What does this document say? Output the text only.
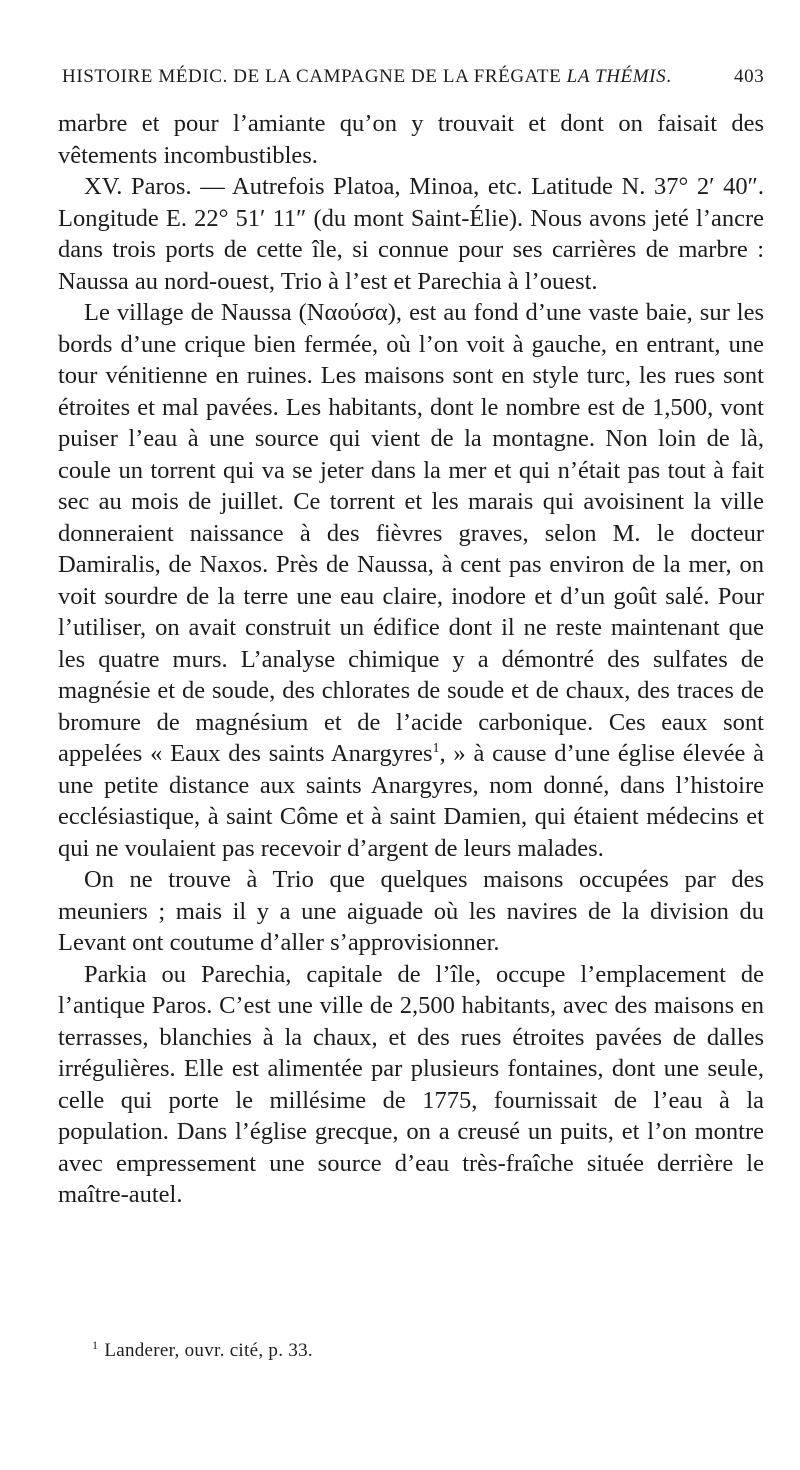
HISTOIRE MÉDIC. DE LA CAMPAGNE DE LA FRÉGATE LA THÉMIS.	403

marbre et pour l’amiante qu’on y trouvait et dont on faisait des vêtements incombustibles.

XV. Paros. — Autrefois Platoa, Minoa, etc. Latitude N. 37° 2′ 40″. Longitude E. 22° 51′ 11″ (du mont Saint-Élie). Nous avons jeté l’ancre dans trois ports de cette île, si connue pour ses carrières de marbre : Naussa au nord-ouest, Trio à l’est et Parechia à l’ouest.

Le village de Naussa (Ναούσα), est au fond d’une vaste baie, sur les bords d’une crique bien fermée, où l’on voit à gauche, en entrant, une tour vénitienne en ruines. Les maisons sont en style turc, les rues sont étroites et mal pavées. Les habitants, dont le nombre est de 1,500, vont puiser l’eau à une source qui vient de la montagne. Non loin de là, coule un torrent qui va se jeter dans la mer et qui n’était pas tout à fait sec au mois de juillet. Ce torrent et les marais qui avoisinent la ville donneraient naissance à des fièvres graves, selon M. le docteur Damiralis, de Naxos. Près de Naussa, à cent pas environ de la mer, on voit sourdre de la terre une eau claire, inodore et d’un goût salé. Pour l’utiliser, on avait construit un édifice dont il ne reste maintenant que les quatre murs. L’analyse chimique y a démontré des sulfates de magnésie et de soude, des chlorates de soude et de chaux, des traces de bromure de magnésium et de l’acide carbonique. Ces eaux sont appelées « Eaux des saints Anargyres$^1$, » à cause d’une église élevée à une petite distance aux saints Anargyres, nom donné, dans l’histoire ecclésiastique, à saint Côme et à saint Damien, qui étaient médecins et qui ne voulaient pas recevoir d’argent de leurs malades.

On ne trouve à Trio que quelques maisons occupées par des meuniers ; mais il y a une aiguade où les navires de la division du Levant ont coutume d’aller s’approvisionner.

Parkia ou Parechia, capitale de l’île, occupe l’emplacement de l’antique Paros. C’est une ville de 2,500 habitants, avec des maisons en terrasses, blanchies à la chaux, et des rues étroites pavées de dalles irrégulières. Elle est alimentée par plusieurs fontaines, dont une seule, celle qui porte le millésime de 1775, fournissait de l’eau à la population. Dans l’église grecque, on a creusé un puits, et l’on montre avec empressement une source d’eau très-fraîche située derrière le maître-autel.

$^1$ Landerer, ouvr. cité, p. 33.
